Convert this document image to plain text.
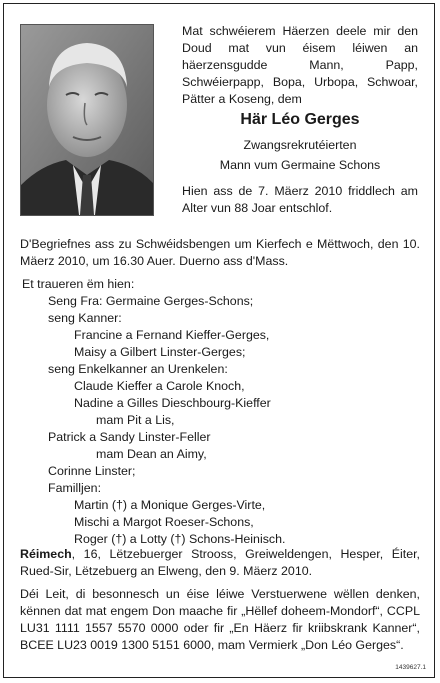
Mat schwéierem Häerzen deele mir den Doud mat vun éisem léiwen an häerzensgudde Mann, Papp, Schwéierpapp, Bopa, Urbopa, Schwoar, Pätter a Koseng, dem
Här Léo Gerges
Zwangsrekrutéierten
Mann vum Germaine Schons
Hien ass de 7. Mäerz 2010 friddlech am Alter vun 88 Joar entschlof.
D'Begriefnes ass zu Schwéidsbengen um Kierfech e Mëttwoch, den 10. Mäerz 2010, um 16.30 Auer. Duerno ass d'Mass.
Et traueren ëm hien:
Seng Fra: Germaine Gerges-Schons;
seng Kanner:
Francine a Fernand Kieffer-Gerges,
Maisy a Gilbert Linster-Gerges;
seng Enkelkanner an Urenkelen:
Claude Kieffer a Carole Knoch,
Nadine a Gilles Dieschbourg-Kieffer
mam Pit a Lis,
Patrick a Sandy Linster-Feller
mam Dean an Aimy,
Corinne Linster;
Familljen:
Martin (†) a Monique Gerges-Virte,
Mischi a Margot Roeser-Schons,
Roger (†) a Lotty (†) Schons-Heinisch.
Réimech, 16, Lëtzebuerger Strooss, Greiweldengen, Hesper, Éiter, Rued-Sir, Lëtzebuerg an Elweng, den 9. Mäerz 2010.
Déi Leit, di besonnesch un éise léiwe Verstuerwene wëllen denken, kënnen dat mat engem Don maache fir „Hëllef doheem-Mondorf“, CCPL LU31 1111 1557 5570 0000 oder fir „En Häerz fir kriibskrank Kanner“, BCEE LU23 0019 1300 5151 6000, mam Vermierk „Don Léo Gerges“.
1439627.1
